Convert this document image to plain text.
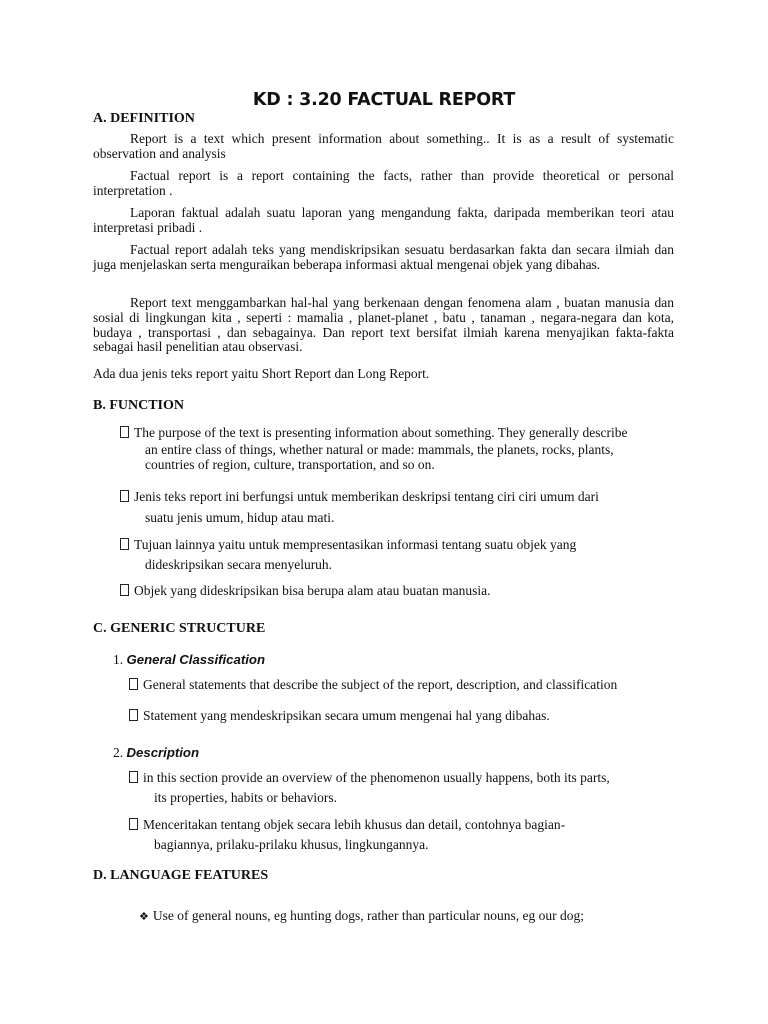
KD : 3.20 FACTUAL REPORT
A. DEFINITION
Report is a text which present information about something.. It is as a result of systematic observation and analysis
Factual report is a report containing the facts, rather than provide theoretical or personal interpretation .
Laporan faktual adalah suatu laporan yang mengandung fakta, daripada memberikan teori atau interpretasi pribadi .
Factual report adalah teks yang mendiskripsikan sesuatu berdasarkan fakta dan secara ilmiah dan juga menjelaskan serta menguraikan beberapa informasi aktual mengenai objek yang dibahas.
Report text menggambarkan hal-hal yang berkenaan dengan fenomena alam , buatan manusia dan sosial di lingkungan kita , seperti : mamalia , planet-planet , batu , tanaman , negara-negara dan kota, budaya , transportasi , dan sebagainya. Dan report text bersifat ilmiah karena menyajikan fakta-fakta sebagai hasil penelitian atau observasi.
Ada dua jenis teks report yaitu Short Report dan Long Report.
B. FUNCTION
The purpose of the text is presenting information about something. They generally describe
an entire class of things, whether natural or made: mammals, the planets, rocks, plants,
countries of region, culture, transportation, and so on.
Jenis teks report ini berfungsi untuk memberikan deskripsi tentang ciri ciri umum dari
suatu jenis umum, hidup atau mati.
Tujuan lainnya yaitu untuk mempresentasikan informasi tentang suatu objek yang
dideskripsikan secara menyeluruh.
Objek yang dideskripsikan bisa berupa alam atau buatan manusia.
C. GENERIC STRUCTURE
1. General Classification
General statements that describe the subject of the report, description, and classification
Statement yang mendeskripsikan secara umum mengenai hal yang dibahas.
2. Description
in this section provide an overview of the phenomenon usually happens, both its parts,
its properties, habits or behaviors.
Menceritakan tentang objek secara lebih khusus dan detail, contohnya bagian-
bagiannya, prilaku-prilaku khusus, lingkungannya.
D. LANGUAGE FEATURES
❖ Use of general nouns, eg hunting dogs, rather than particular nouns, eg our dog;
